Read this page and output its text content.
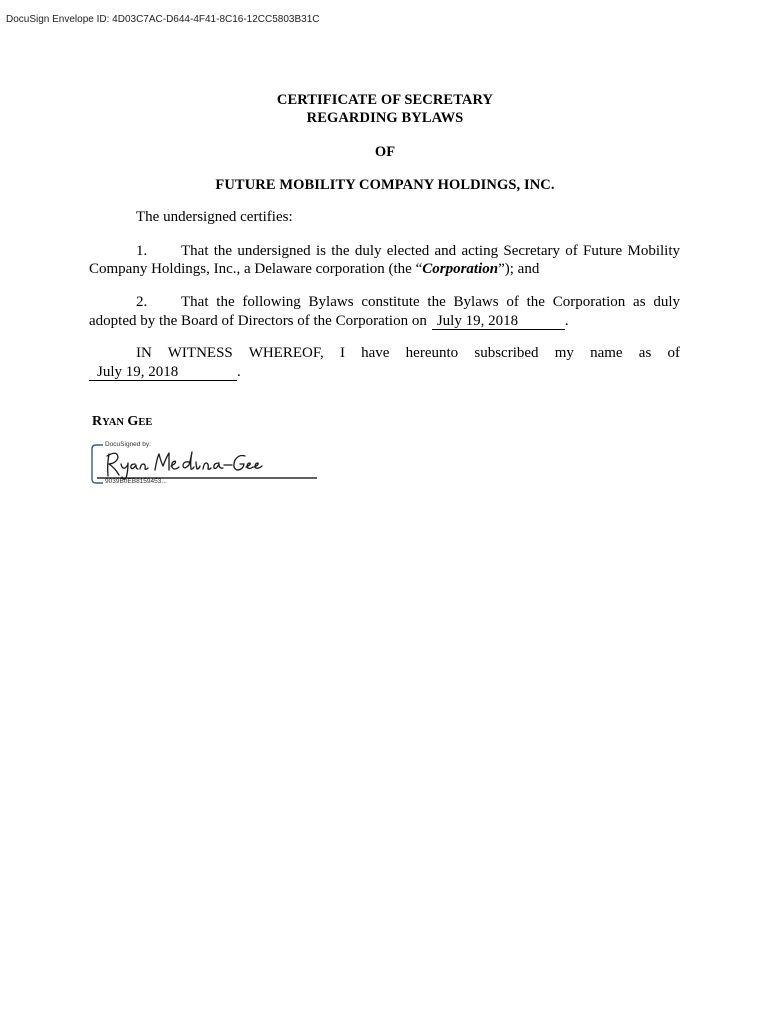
DocuSign Envelope ID: 4D03C7AC-D644-4F41-8C16-12CC5803B31C
CERTIFICATE OF SECRETARY
REGARDING BYLAWS
OF
FUTURE MOBILITY COMPANY HOLDINGS, INC.
The undersigned certifies:
1. That the undersigned is the duly elected and acting Secretary of Future Mobility
Company Holdings, Inc., a Delaware corporation (the “Corporation”); and
2. That the following Bylaws constitute the Bylaws of the Corporation as duly
adopted by the Board of Directors of the Corporation on July 19, 2018	.
IN WITNESS WHEREOF, I have hereunto subscribed my name as of
July 19, 2018	.
RYAN GEE
DocuSigned by:
9039B0EB8159453...
